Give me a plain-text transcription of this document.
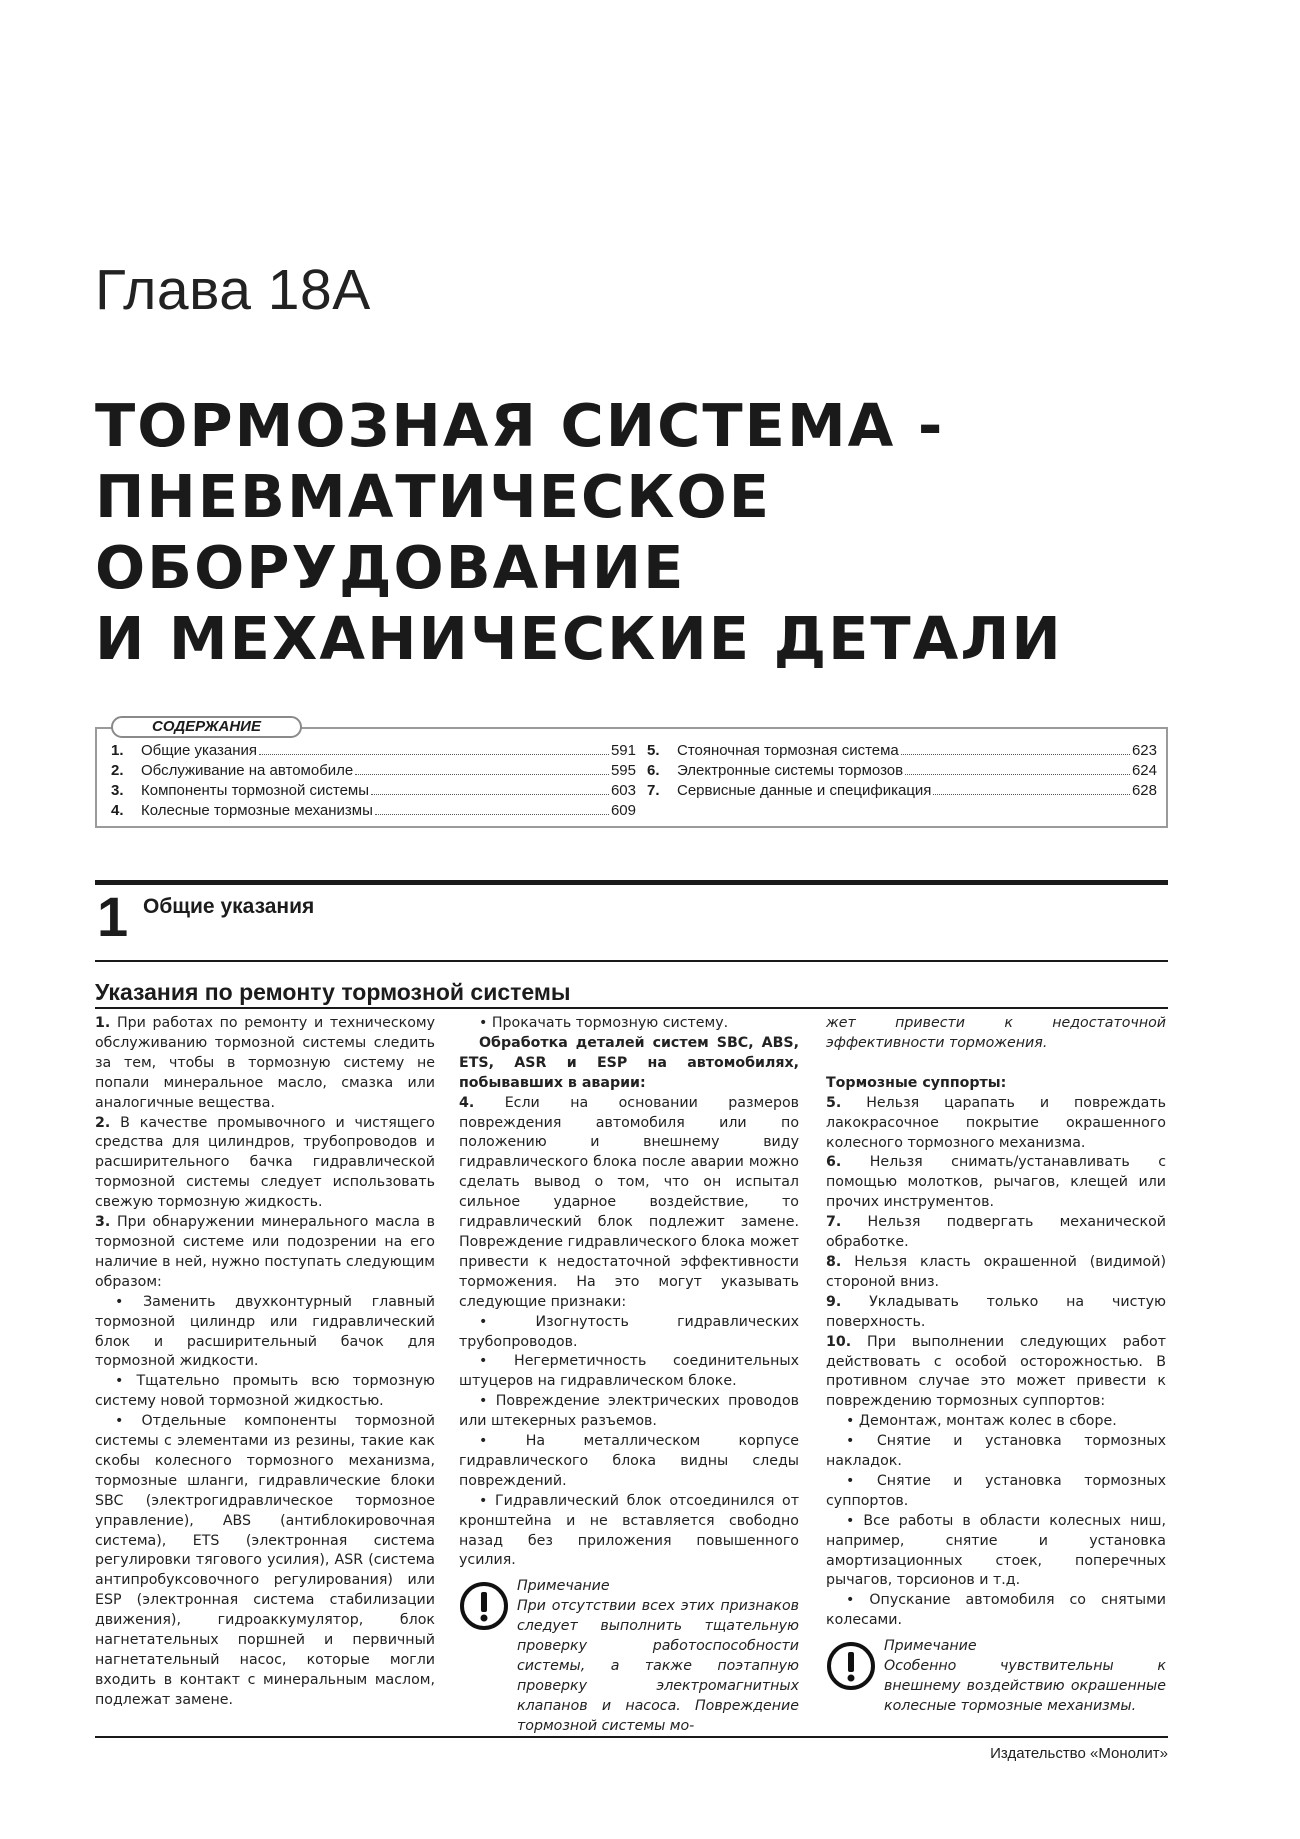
Глава 18А
ТОРМОЗНАЯ СИСТЕМА -
ПНЕВМАТИЧЕСКОЕ
ОБОРУДОВАНИЕ
И МЕХАНИЧЕСКИЕ ДЕТАЛИ
СОДЕРЖАНИЕ
1.	Общие указания	591
2.	Обслуживание на автомобиле	595
3.	Компоненты тормозной системы	603
4.	Колесные тормозные механизмы	609
5.	Стояночная тормозная система	623
6.	Электронные системы тормозов	624
7.	Сервисные данные и спецификация	628
1 Общие указания
Указания по ремонту тормозной системы

1. При работах по ремонту и техническому обслуживанию тормозной системы следить за тем, чтобы в тормозную систему не попали минеральное масло, смазка или аналогичные вещества.

2. В качестве промывочного и чистящего средства для цилиндров, трубопроводов и расширительного бачка гидравлической тормозной системы следует использовать свежую тормозную жидкость.

3. При обнаружении минерального масла в тормозной системе или подозрении на его наличие в ней, нужно поступать следующим образом:

• Заменить двухконтурный главный тормозной цилиндр или гидравлический блок и расширительный бачок для тормозной жидкости.

• Тщательно промыть всю тормозную систему новой тормозной жидкостью.

• Отдельные компоненты тормозной системы с элементами из резины, такие как скобы колесного тормозного механизма, тормозные шланги, гидравлические блоки SBC (электрогидравлическое тормозное управление), ABS (антиблокировочная система), ETS (электронная система регулировки тягового усилия), ASR (система антипробуксовочного регулирования) или ESP (электронная система стабилизации движения), гидроаккумулятор, блок нагнетательных поршней и первичный нагнетательный насос, которые могли входить в контакт с минеральным маслом, подлежат замене.

• Прокачать тормозную систему.

Обработка деталей систем SBC, ABS, ETS, ASR и ESP на автомобилях, побывавших в аварии:

4. Если на основании размеров повреждения автомобиля или по положению и внешнему виду гидравлического блока после аварии можно сделать вывод о том, что он испытал сильное ударное воздействие, то гидравлический блок подлежит замене. Повреждение гидравлического блока может привести к недостаточной эффективности торможения. На это могут указывать следующие признаки:

• Изогнутость гидравлических трубопроводов.

• Негерметичность соединительных штуцеров на гидравлическом блоке.

• Повреждение электрических проводов или штекерных разъемов.

• На металлическом корпусе гидравлического блока видны следы повреждений.

• Гидравлический блок отсоединился от кронштейна и не вставляется свободно назад без приложения повышенного усилия.

Примечание
При отсутствии всех этих признаков следует выполнить тщательную проверку работоспособности системы, а также поэтапную проверку электромагнитных клапанов и насоса. Повреждение тормозной системы мо-

жет привести к недостаточной эффективности торможения.

Тормозные суппорты:

5. Нельзя царапать и повреждать лакокрасочное покрытие окрашенного колесного тормозного механизма.

6. Нельзя снимать/устанавливать с помощью молотков, рычагов, клещей или прочих инструментов.

7. Нельзя подвергать механической обработке.

8. Нельзя класть окрашенной (видимой) стороной вниз.

9. Укладывать только на чистую поверхность.

10. При выполнении следующих работ действовать с особой осторожностью. В противном случае это может привести к повреждению тормозных суппортов:

• Демонтаж, монтаж колес в сборе.

• Снятие и установка тормозных накладок.

• Снятие и установка тормозных суппортов.

• Все работы в области колесных ниш, например, снятие и установка амортизационных стоек, поперечных рычагов, торсионов и т.д.

• Опускание автомобиля со снятыми колесами.

Примечание
Особенно чувствительны к внешнему воздействию окрашенные колесные тормозные механизмы.
Издательство «Монолит»
